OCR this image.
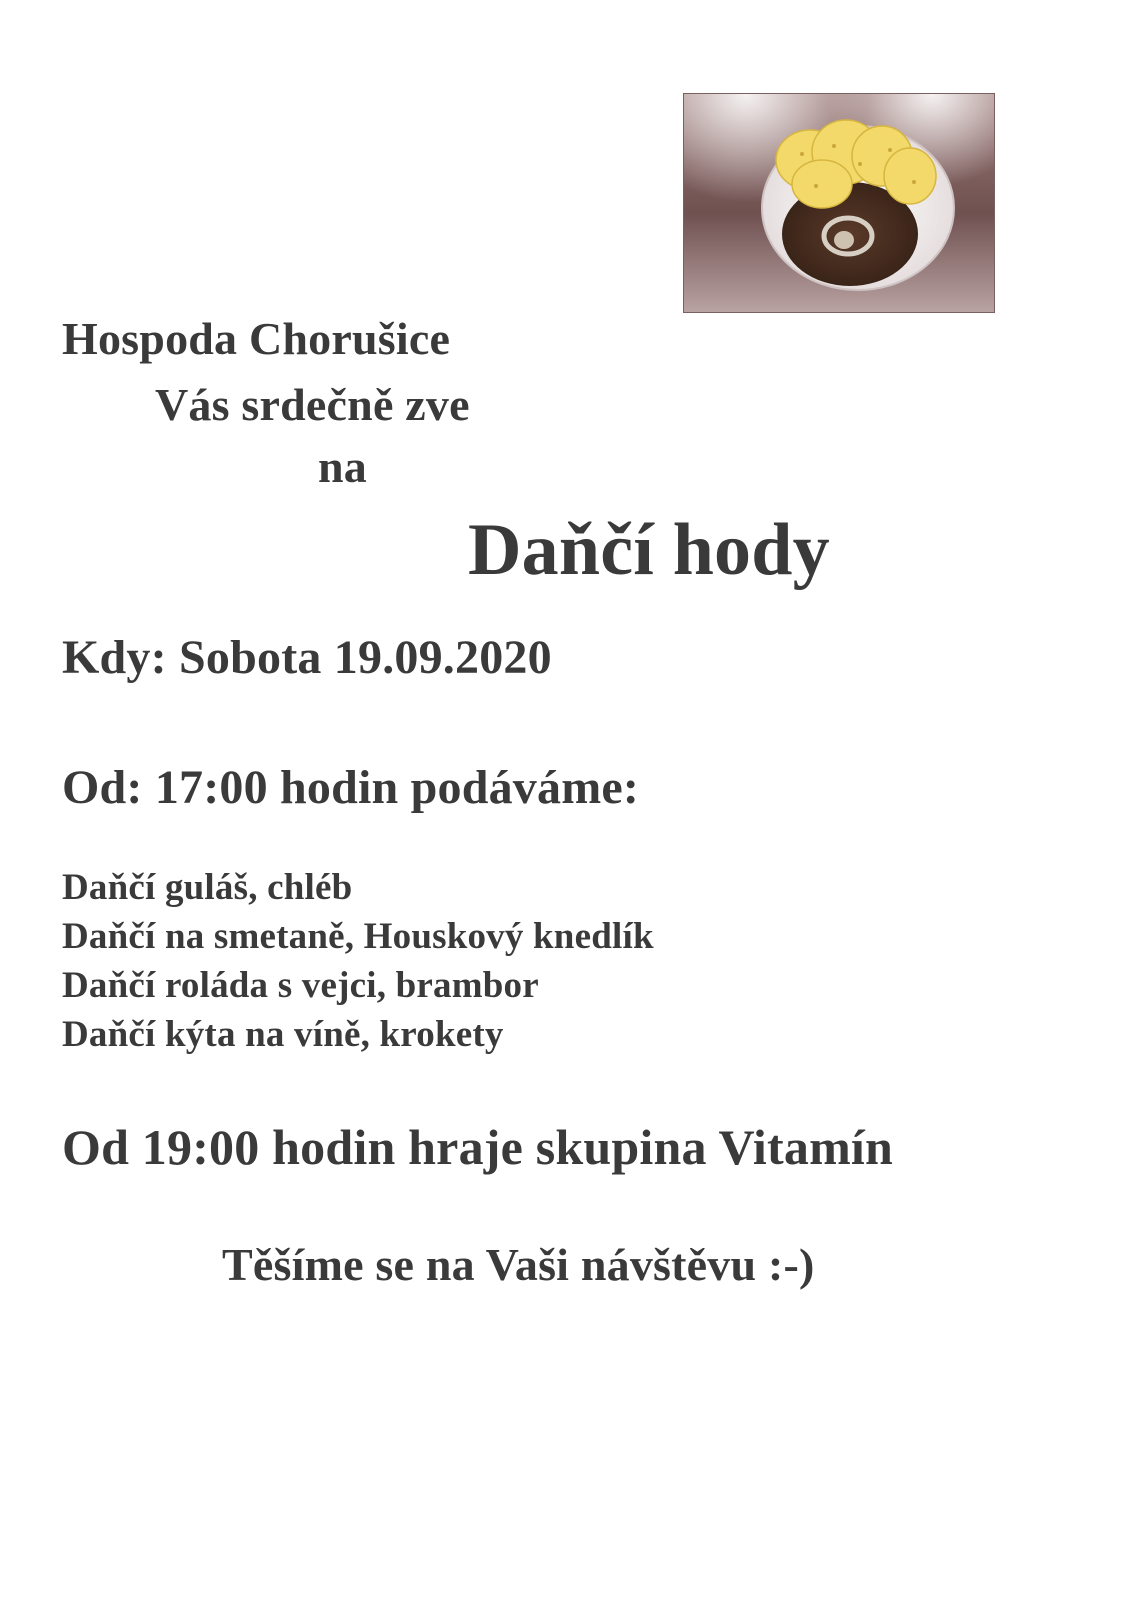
Hospoda Chorušice
Vás srdečně zve
na
Daňčí hody
Kdy: Sobota 19.09.2020
Od: 17:00 hodin podáváme:
Daňčí guláš, chléb
Daňčí na smetaně, Houskový knedlík
Daňčí roláda s vejci, brambor
Daňčí kýta na víně, krokety
Od 19:00 hodin hraje skupina Vitamín
Těšíme se na Vaši návštěvu :-)
